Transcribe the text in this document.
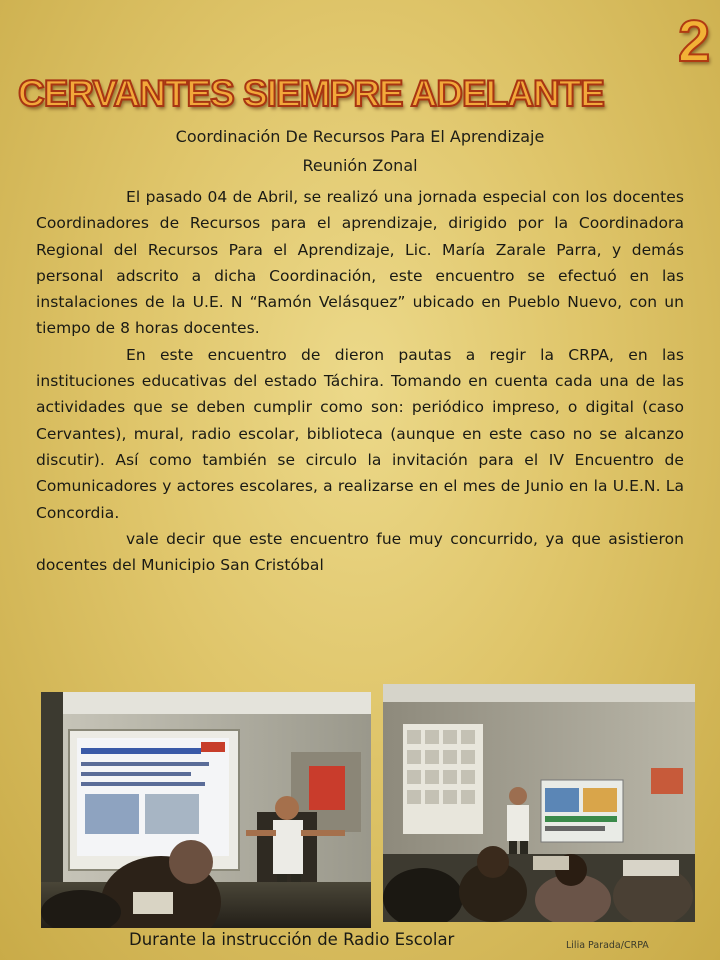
2
CERVANTES SIEMPRE ADELANTE
Coordinación De Recursos Para El Aprendizaje
Reunión Zonal

El pasado 04 de Abril, se realizó una jornada especial con los docentes Coordinadores de Recursos para el aprendizaje, dirigido por la Coordinadora Regional del Recursos Para el Aprendizaje, Lic. María Zarale Parra, y demás personal adscrito a dicha Coordinación, este encuentro se efectuó en las instalaciones de la U.E. N “Ramón Velásquez” ubicado en Pueblo Nuevo, con un tiempo de 8 horas docentes.

En este encuentro de dieron pautas a regir la CRPA, en las instituciones educativas del estado Táchira. Tomando en cuenta cada una de las actividades que se deben cumplir como son: periódico impreso, o digital (caso Cervantes), mural, radio escolar, biblioteca (aunque en este caso no se alcanzo discutir). Así como también se circulo la invitación para el IV Encuentro de Comunicadores y actores escolares, a realizarse en el mes de Junio en la U.E.N. La Concordia.

vale decir que este encuentro fue muy concurrido, ya que asistieron docentes del Municipio San Cristóbal

Durante la instrucción de Radio Escolar	Lilia Parada/CRPA
